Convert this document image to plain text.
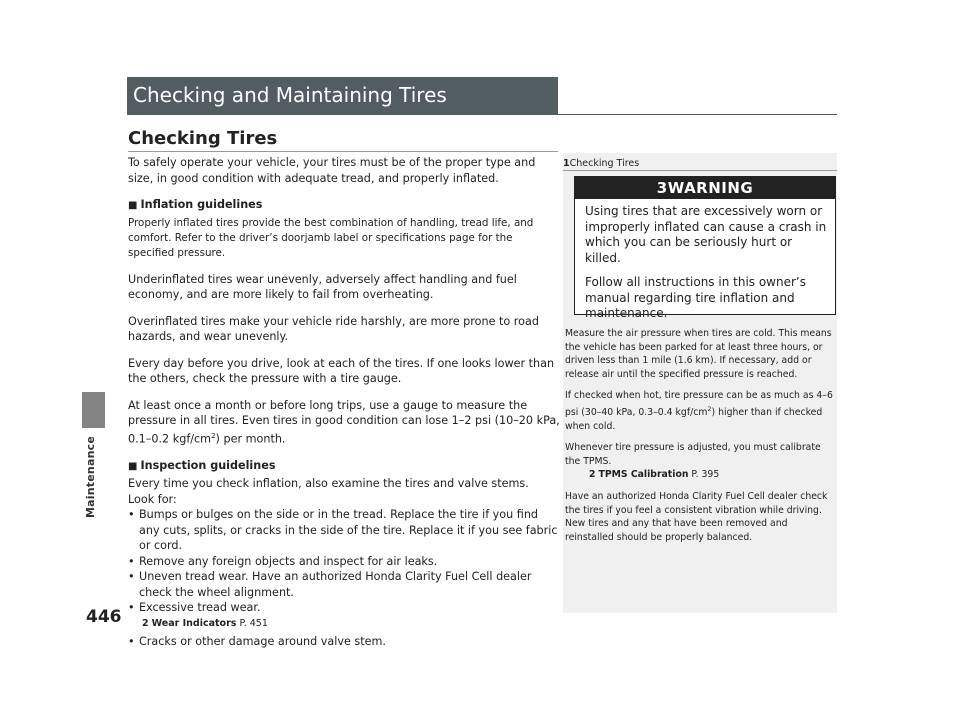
Maintenance
446
Checking and Maintaining Tires
Checking Tires

To safely operate your vehicle, your tires must be of the proper type and size, in good condition with adequate tread, and properly inflated.

■ Inflation guidelines

Properly inflated tires provide the best combination of handling, tread life, and comfort. Refer to the driver’s doorjamb label or specifications page for the specified pressure.

Underinflated tires wear unevenly, adversely affect handling and fuel economy, and are more likely to fail from overheating.

Overinflated tires make your vehicle ride harshly, are more prone to road hazards, and wear unevenly.

Every day before you drive, look at each of the tires. If one looks lower than the others, check the pressure with a tire gauge.

At least once a month or before long trips, use a gauge to measure the pressure in all tires. Even tires in good condition can lose 1–2 psi (10–20 kPa, 0.1–0.2 kgf/$cm^2$) per month.

■ Inspection guidelines

Every time you check inflation, also examine the tires and valve stems.

Look for:

• Bumps or bulges on the side or in the tread. Replace the tire if you find any cuts, splits, or cracks in the side of the tire. Replace it if you see fabric or cord.
• Remove any foreign objects and inspect for air leaks.
• Uneven tread wear. Have an authorized Honda Clarity Fuel Cell dealer check the wheel alignment.
• Excessive tread wear.
2 Wear Indicators P. 451
• Cracks or other damage around valve stem.
1Checking Tires
3WARNING

Using tires that are excessively worn or improperly inflated can cause a crash in which you can be seriously hurt or killed.

Follow all instructions in this owner’s manual regarding tire inflation and maintenance.

Measure the air pressure when tires are cold. This means the vehicle has been parked for at least three hours, or driven less than 1 mile (1.6 km). If necessary, add or release air until the specified pressure is reached.

If checked when hot, tire pressure can be as much as 4–6 psi (30–40 kPa, 0.3–0.4 kgf/$cm^2$) higher than if checked when cold.

Whenever tire pressure is adjusted, you must calibrate the TPMS.

2 TPMS Calibration P. 395

Have an authorized Honda Clarity Fuel Cell dealer check the tires if you feel a consistent vibration while driving. New tires and any that have been removed and reinstalled should be properly balanced.
